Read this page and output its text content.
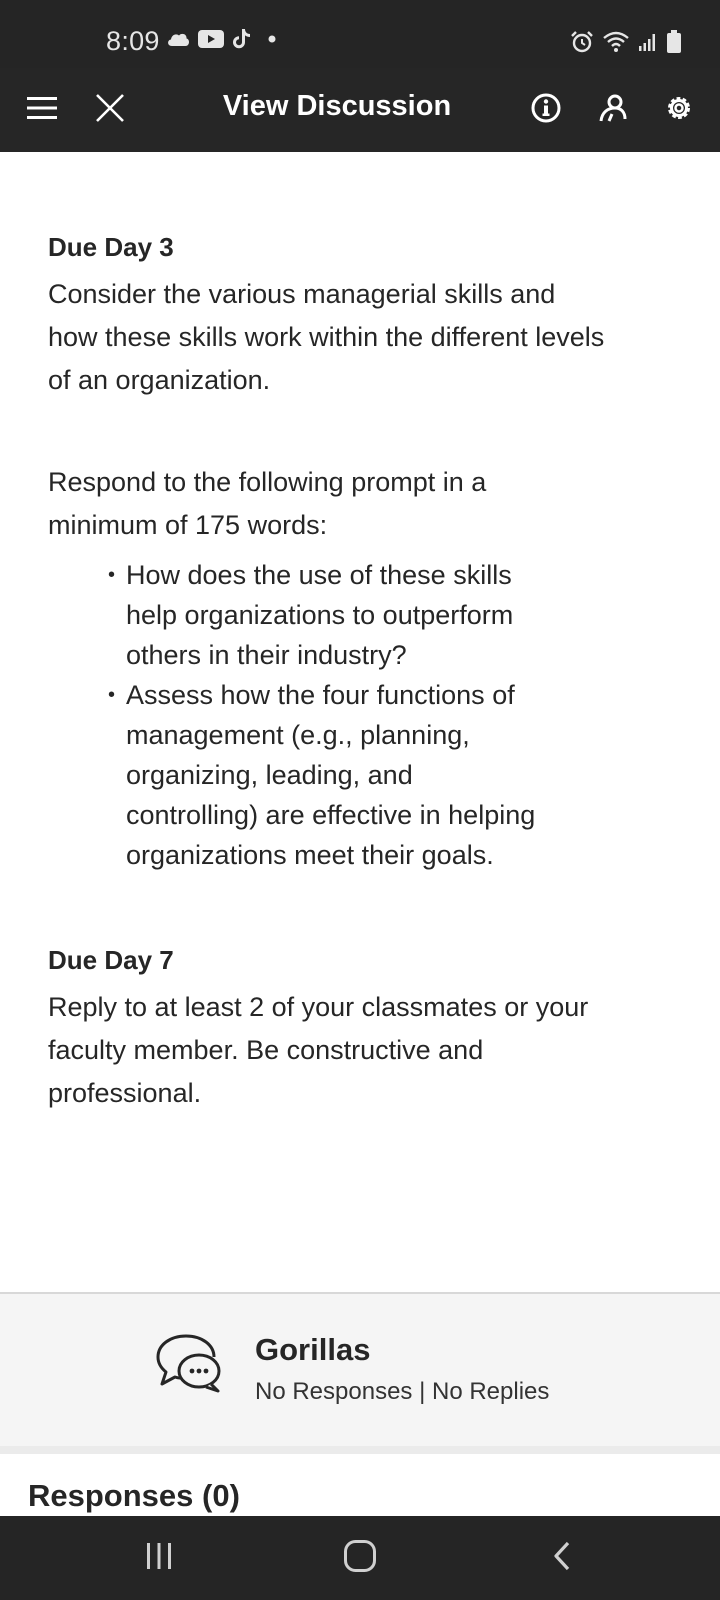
8:09
View Discussion
Due Day 3

Consider the various managerial skills and how these skills work within the different levels of an organization.

Respond to the following prompt in a minimum of 175 words:

• How does the use of these skills help organizations to outperform others in their industry?
• Assess how the four functions of management (e.g., planning, organizing, leading, and controlling) are effective in helping organizations meet their goals.
Due Day 7

Reply to at least 2 of your classmates or your faculty member. Be constructive and professional.

Gorillas
No Responses | No Replies
Responses (0)
